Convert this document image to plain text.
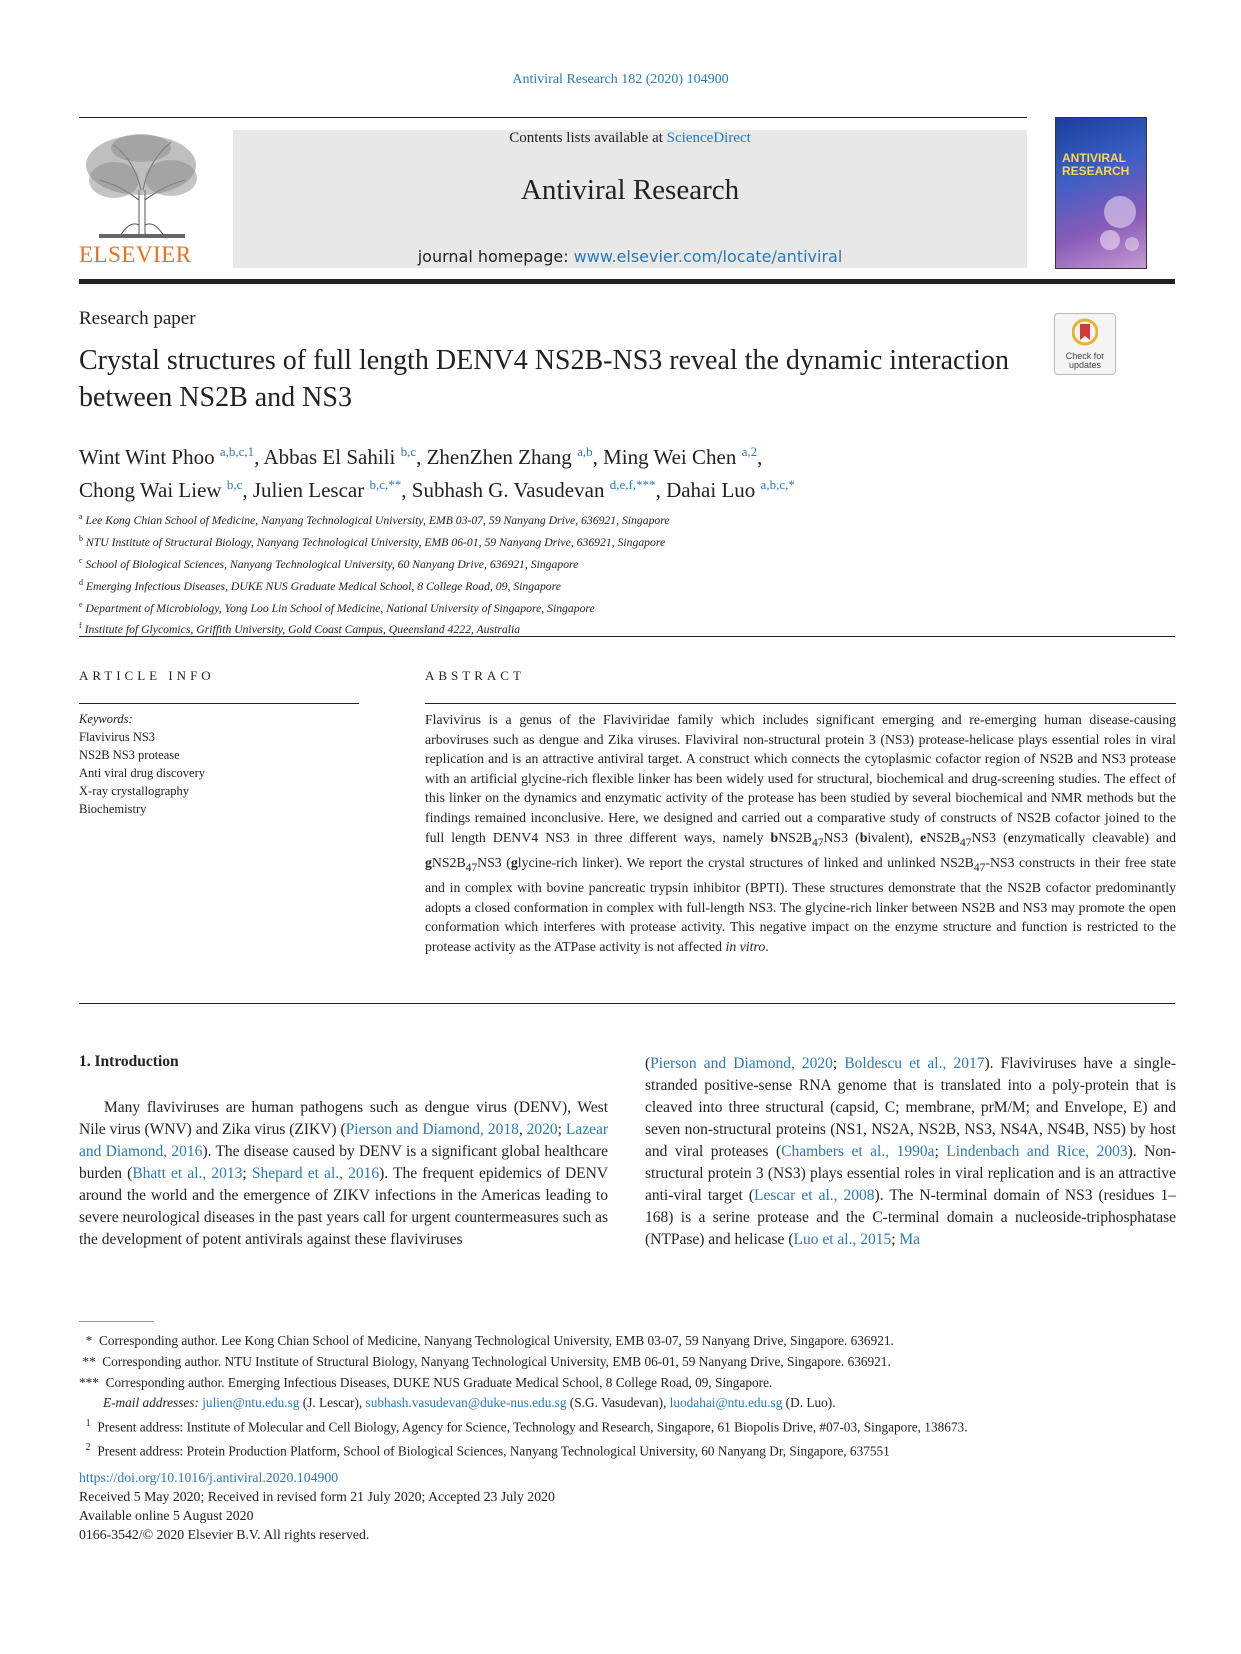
Antiviral Research 182 (2020) 104900
ELSEVIER
Contents lists available at ScienceDirect
Antiviral Research
journal homepage: www.elsevier.com/locate/antiviral
ANTIVIRAL RESEARCH
Check for updates
Research paper
Crystal structures of full length DENV4 NS2B-NS3 reveal the dynamic interaction between NS2B and NS3
Wint Wint Phoo $^{a,b,c,1}$, Abbas El Sahili $^{b,c}$, ZhenZhen Zhang $^{a,b}$, Ming Wei Chen $^{a,2}$,
Chong Wai Liew $^{b,c}$, Julien Lescar $^{b,c,**}$, Subhash G. Vasudevan $^{d,e,f,***}$, Dahai Luo $^{a,b,c,*}$
$^a$ Lee Kong Chian School of Medicine, Nanyang Technological University, EMB 03-07, 59 Nanyang Drive, 636921, Singapore
$^b$ NTU Institute of Structural Biology, Nanyang Technological University, EMB 06-01, 59 Nanyang Drive, 636921, Singapore
$^c$ School of Biological Sciences, Nanyang Technological University, 60 Nanyang Drive, 636921, Singapore
$^d$ Emerging Infectious Diseases, DUKE NUS Graduate Medical School, 8 College Road, 09, Singapore
$^e$ Department of Microbiology, Yong Loo Lin School of Medicine, National University of Singapore, Singapore
$^f$ Institute fof Glycomics, Griffith University, Gold Coast Campus, Queensland 4222, Australia
ARTICLE INFO
Keywords:
Flavivirus NS3
NS2B NS3 protease
Anti viral drug discovery
X-ray crystallography
Biochemistry
ABSTRACT
Flavivirus is a genus of the Flaviviridae family which includes significant emerging and re-emerging human disease-causing arboviruses such as dengue and Zika viruses. Flaviviral non-structural protein 3 (NS3) protease-helicase plays essential roles in viral replication and is an attractive antiviral target. A construct which connects the cytoplasmic cofactor region of NS2B and NS3 protease with an artificial glycine-rich flexible linker has been widely used for structural, biochemical and drug-screening studies. The effect of this linker on the dynamics and enzymatic activity of the protease has been studied by several biochemical and NMR methods but the findings remained inconclusive. Here, we designed and carried out a comparative study of constructs of NS2B cofactor joined to the full length DENV4 NS3 in three different ways, namely $bNS2B_{47}NS3$ (bivalent), $eNS2B_{47}NS3$ (enzymatically cleavable) and $gNS2B_{47}NS3$ (glycine-rich linker). We report the crystal structures of linked and unlinked $NS2B_{47}-NS3$ constructs in their free state and in complex with bovine pancreatic trypsin inhibitor (BPTI). These structures demonstrate that the NS2B cofactor predominantly adopts a closed conformation in complex with full-length NS3. The glycine-rich linker between NS2B and NS3 may promote the open conformation which interferes with protease activity. This negative impact on the enzyme structure and function is restricted to the protease activity as the ATPase activity is not affected in vitro.
1. Introduction
Many flaviviruses are human pathogens such as dengue virus (DENV), West Nile virus (WNV) and Zika virus (ZIKV) (Pierson and Diamond, 2018, 2020; Lazear and Diamond, 2016). The disease caused by DENV is a significant global healthcare burden (Bhatt et al., 2013; Shepard et al., 2016). The frequent epidemics of DENV around the world and the emergence of ZIKV infections in the Americas leading to severe neurological diseases in the past years call for urgent countermeasures such as the development of potent antivirals against these flaviviruses
(Pierson and Diamond, 2020; Boldescu et al., 2017). Flaviviruses have a single-stranded positive-sense RNA genome that is translated into a poly-protein that is cleaved into three structural (capsid, C; membrane, prM/M; and Envelope, E) and seven non-structural proteins (NS1, NS2A, NS2B, NS3, NS4A, NS4B, NS5) by host and viral proteases (Chambers et al., 1990a; Lindenbach and Rice, 2003). Non-structural protein 3 (NS3) plays essential roles in viral replication and is an attractive anti-viral target (Lescar et al., 2008). The N-terminal domain of NS3 (residues 1–168) is a serine protease and the C-terminal domain a nucleoside-triphosphatase (NTPase) and helicase (Luo et al., 2015; Ma
* Corresponding author. Lee Kong Chian School of Medicine, Nanyang Technological University, EMB 03-07, 59 Nanyang Drive, Singapore. 636921.
** Corresponding author. NTU Institute of Structural Biology, Nanyang Technological University, EMB 06-01, 59 Nanyang Drive, Singapore. 636921.
*** Corresponding author. Emerging Infectious Diseases, DUKE NUS Graduate Medical School, 8 College Road, 09, Singapore.
E-mail addresses: julien@ntu.edu.sg (J. Lescar), subhash.vasudevan@duke-nus.edu.sg (S.G. Vasudevan), luodahai@ntu.edu.sg (D. Luo).
$^1$ Present address: Institute of Molecular and Cell Biology, Agency for Science, Technology and Research, Singapore, 61 Biopolis Drive, #07-03, Singapore, 138673.
$^2$ Present address: Protein Production Platform, School of Biological Sciences, Nanyang Technological University, 60 Nanyang Dr, Singapore, 637551
https://doi.org/10.1016/j.antiviral.2020.104900
Received 5 May 2020; Received in revised form 21 July 2020; Accepted 23 July 2020
Available online 5 August 2020
0166-3542/© 2020 Elsevier B.V. All rights reserved.
